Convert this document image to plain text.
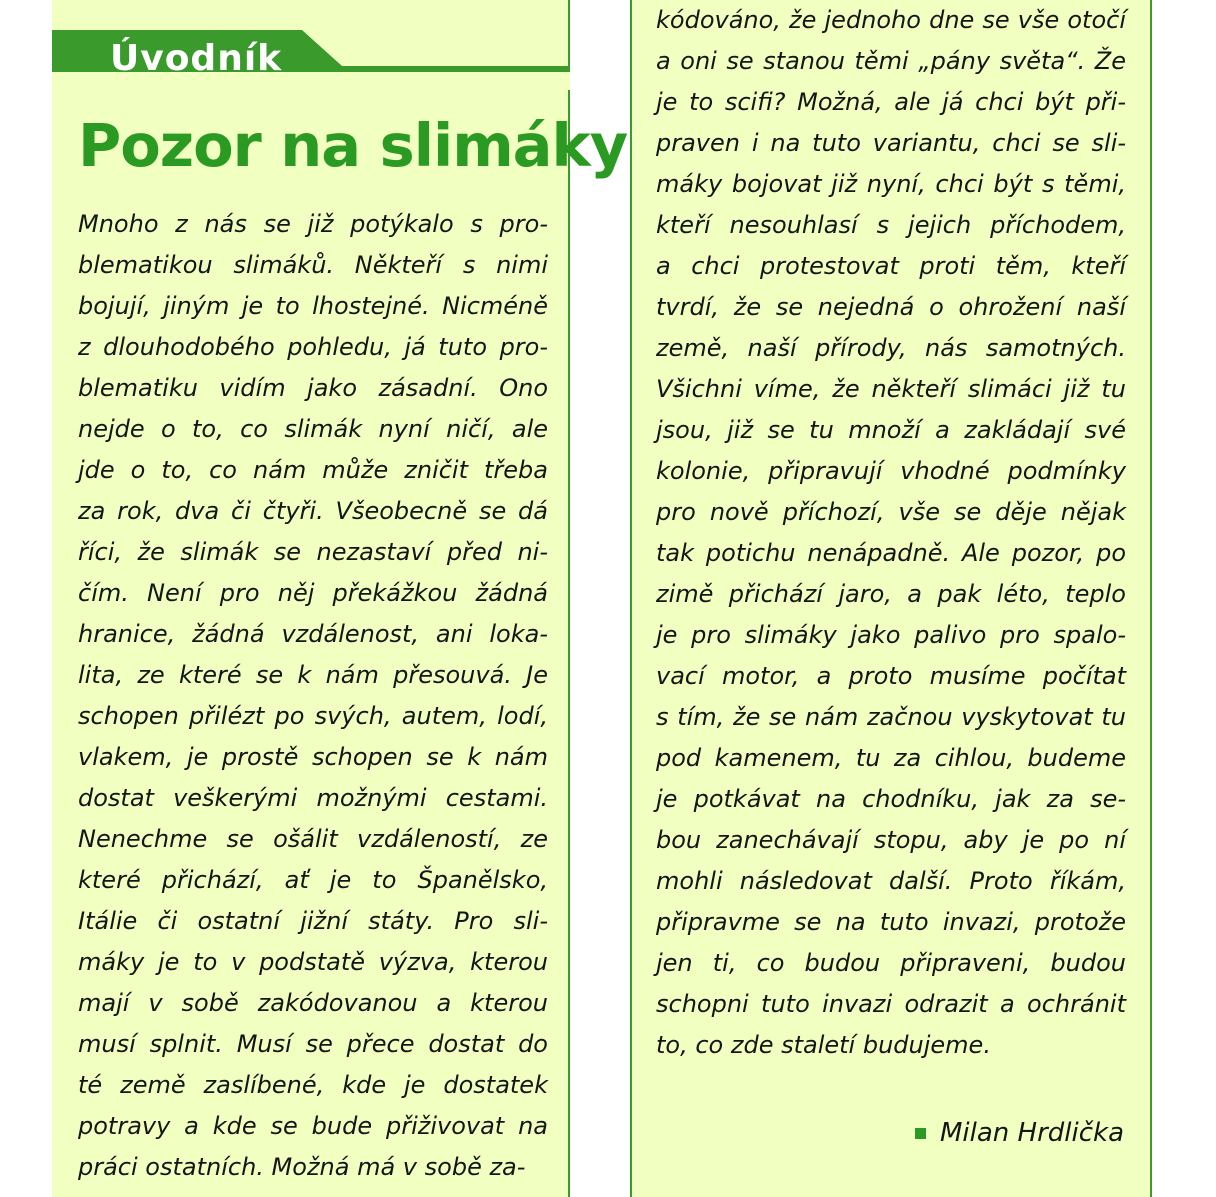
Úvodník
Pozor na slimáky
Mnoho z nás se již potýkalo s pro-
blematikou slimáků. Někteří s nimi
bojují, jiným je to lhostejné. Nicméně
z dlouhodobého pohledu, já tuto pro-
blematiku vidím jako zásadní. Ono
nejde o to, co slimák nyní ničí, ale
jde o to, co nám může zničit třeba
za rok, dva či čtyři. Všeobecně se dá
říci, že slimák se nezastaví před ni-
čím. Není pro něj překážkou žádná
hranice, žádná vzdálenost, ani loka-
lita, ze které se k nám přesouvá. Je
schopen přilézt po svých, autem, lodí,
vlakem, je prostě schopen se k nám
dostat veškerými možnými cestami.
Nenechme se ošálit vzdáleností, ze
které přichází, ať je to Španělsko,
Itálie či ostatní jižní státy. Pro sli-
máky je to v podstatě výzva, kterou
mají v sobě zakódovanou a kterou
musí splnit. Musí se přece dostat do
té země zaslíbené, kde je dostatek
potravy a kde se bude přiživovat na
práci ostatních. Možná má v sobě za-
kódováno, že jednoho dne se vše otočí
a oni se stanou těmi „pány světa“. Že
je to scifi? Možná, ale já chci být při-
praven i na tuto variantu, chci se sli-
máky bojovat již nyní, chci být s těmi,
kteří nesouhlasí s jejich příchodem,
a chci protestovat proti těm, kteří
tvrdí, že se nejedná o ohrožení naší
země, naší přírody, nás samotných.
Všichni víme, že někteří slimáci již tu
jsou, již se tu množí a zakládají své
kolonie, připravují vhodné podmínky
pro nově příchozí, vše se děje nějak
tak potichu nenápadně. Ale pozor, po
zimě přichází jaro, a pak léto, teplo
je pro slimáky jako palivo pro spalo-
vací motor, a proto musíme počítat
s tím, že se nám začnou vyskytovat tu
pod kamenem, tu za cihlou, budeme
je potkávat na chodníku, jak za se-
bou zanechávají stopu, aby je po ní
mohli následovat další. Proto říkám,
připravme se na tuto invazi, protože
jen ti, co budou připraveni, budou
schopni tuto invazi odrazit a ochránit
to, co zde staletí budujeme.
Milan Hrdlička
